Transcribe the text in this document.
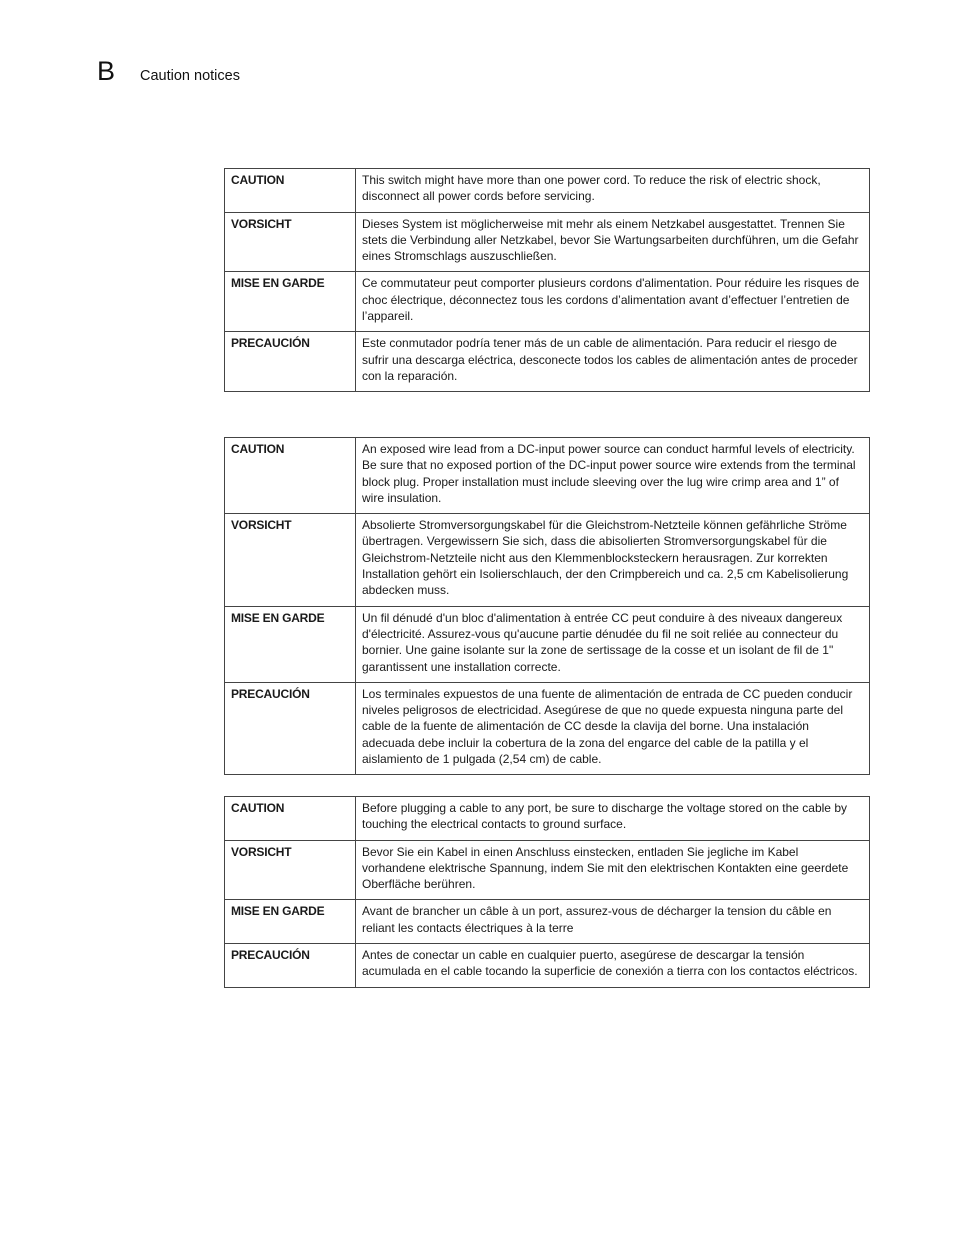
B	Caution notices
CAUTION	This switch might have more than one power cord. To reduce the risk of electric shock, disconnect all power cords before servicing.
VORSICHT	Dieses System ist möglicherweise mit mehr als einem Netzkabel ausgestattet. Trennen Sie stets die Verbindung aller Netzkabel, bevor Sie Wartungsarbeiten durchführen, um die Gefahr eines Stromschlags auszuschließen.
MISE EN GARDE	Ce commutateur peut comporter plusieurs cordons d'alimentation. Pour réduire les risques de choc électrique, déconnectez tous les cordons d’alimentation avant d’effectuer l’entretien de l’appareil.
PRECAUCIÓN	Este conmutador podría tener más de un cable de alimentación. Para reducir el riesgo de sufrir una descarga eléctrica, desconecte todos los cables de alimentación antes de proceder con la reparación.
CAUTION	An exposed wire lead from a DC-input power source can conduct harmful levels of electricity. Be sure that no exposed portion of the DC-input power source wire extends from the terminal block plug. Proper installation must include sleeving over the lug wire crimp area and 1” of wire insulation.
VORSICHT	Absolierte Stromversorgungskabel für die Gleichstrom-Netzteile können gefährliche Ströme übertragen. Vergewissern Sie sich, dass die abisolierten Stromversorgungskabel für die Gleichstrom-Netzteile nicht aus den Klemmenblocksteckern herausragen. Zur korrekten Installation gehört ein Isolierschlauch, der den Crimpbereich und ca. 2,5 cm Kabelisolierung abdecken muss.
MISE EN GARDE	Un fil dénudé d'un bloc d'alimentation à entrée CC peut conduire à des niveaux dangereux d'électricité. Assurez-vous qu'aucune partie dénudée du fil ne soit reliée au connecteur du bornier. Une gaine isolante sur la zone de sertissage de la cosse et un isolant de fil de 1" garantissent une installation correcte.
PRECAUCIÓN	Los terminales expuestos de una fuente de alimentación de entrada de CC pueden conducir niveles peligrosos de electricidad. Asegúrese de que no quede expuesta ninguna parte del cable de la fuente de alimentación de CC desde la clavija del borne. Una instalación adecuada debe incluir la cobertura de la zona del engarce del cable de la patilla y el aislamiento de 1 pulgada (2,54 cm) de cable.
CAUTION	Before plugging a cable to any port, be sure to discharge the voltage stored on the cable by touching the electrical contacts to ground surface.
VORSICHT	Bevor Sie ein Kabel in einen Anschluss einstecken, entladen Sie jegliche im Kabel vorhandene elektrische Spannung, indem Sie mit den elektrischen Kontakten eine geerdete Oberfläche berühren.
MISE EN GARDE	Avant de brancher un câble à un port, assurez-vous de décharger la tension du câble en reliant les contacts électriques à la terre
PRECAUCIÓN	Antes de conectar un cable en cualquier puerto, asegúrese de descargar la tensión acumulada en el cable tocando la superficie de conexión a tierra con los contactos eléctricos.
